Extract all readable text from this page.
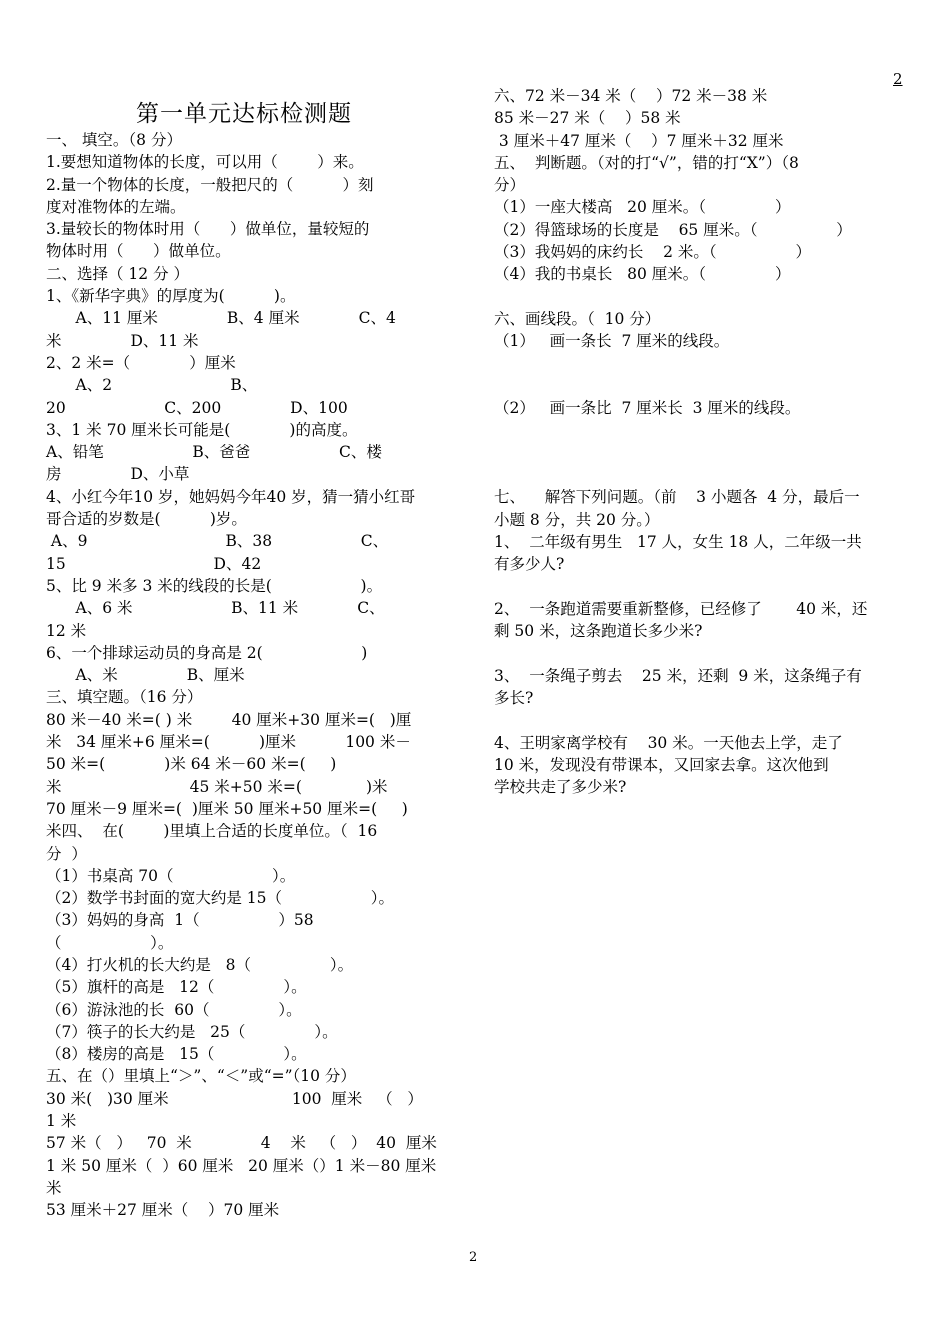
2
第一单元达标检测题
一、 填空。（8 分）
1.要想知道物体的长度，可以用（        ）来。
2.量一个物体的长度，一般把尺的（          ）刻
度对准物体的左端。
3.量较长的物体时用（      ）做单位，量较短的
物体时用（      ）做单位。
二、选择（ 12 分 ）
1、《新华字典》的厚度为(          )。
A、11 厘米              B、4 厘米            C、4
米              D、11 米
2、2 米=（            ）厘米
A、2                        B、
20                    C、200              D、100
3、1 米 70 厘米长可能是(            )的高度。
A、铅笔                  B、爸爸                  C、楼
房              D、小草
4、小红今年10 岁，她妈妈今年40 岁，猜一猜小红哥
哥合适的岁数是(          )岁。
A、9                            B、38                  C、
15                              D、42
5、比 9 米多 3 米的线段的长是(                  )。
A、6 米                    B、11 米            C、
12 米
6、一个排球运动员的身高是 2(                    )
A、米              B、厘米
三、填空题。（16 分）
80 米－40 米=( ) 米        40 厘米+30 厘米=(   )厘
米   34 厘米+6 厘米=(          )厘米          100 米－
50 米=(            )米 64 米－60 米=(     )
米                          45 米+50 米=(             )米
70 厘米－9 厘米=(  )厘米 50 厘米+50 厘米=(     )
米四、  在(        )里填上合适的长度单位。（  16
分  ）
（1）书桌高 70（                    ）。
（2）数学书封面的宽大约是 15（                  ）。
（3）妈妈的身高  1（                ）58
（                  ）。
（4）打火机的长大约是   8（                ）。
（5）旗杆的高是   12（              ）。
（6）游泳池的长  60（              ）。
（7）筷子的长大约是   25（              ）。
（8）楼房的高是   15（              ）。
五、在（）里填上“＞”、“＜”或“=”（10 分）
30 米(   )30 厘米                         100  厘米   （   ）
1 米
57 米（   ）   70  米              4    米   （   ）  40  厘米
1 米 50 厘米（  ）60 厘米   20 厘米（）1 米－80 厘米
米
53 厘米＋27 厘米（    ）70 厘米
六、72 米－34 米（    ）72 米－38 米
85 米－27 米（    ）58 米
3 厘米＋47 厘米（    ）7 厘米＋32 厘米
五、  判断题。（对的打“√”，错的打“X”）（8
分）
（1）一座大楼高   20 厘米。（              ）
（2）得篮球场的长度是    65 厘米。（                ）
（3）我妈妈的床约长    2 米。（                ）
（4）我的书桌长   80 厘米。（              ）
六、画线段。（  10 分）
（1）   画一条长  7 厘米的线段。
（2）   画一条比  7 厘米长  3 厘米的线段。
七、    解答下列问题。（前    3 小题各  4 分，最后一
小题 8 分，共 20 分。）
1、  二年级有男生   17 人，女生 18 人，二年级一共
有多少人?
2、  一条跑道需要重新整修，已经修了       40 米，还
剩 50 米，这条跑道长多少米?
3、  一条绳子剪去    25 米，还剩  9 米，这条绳子有
多长?
4、王明家离学校有    30 米。一天他去上学，走了
10 米，发现没有带课本，又回家去拿。这次他到
学校共走了多少米?
2
